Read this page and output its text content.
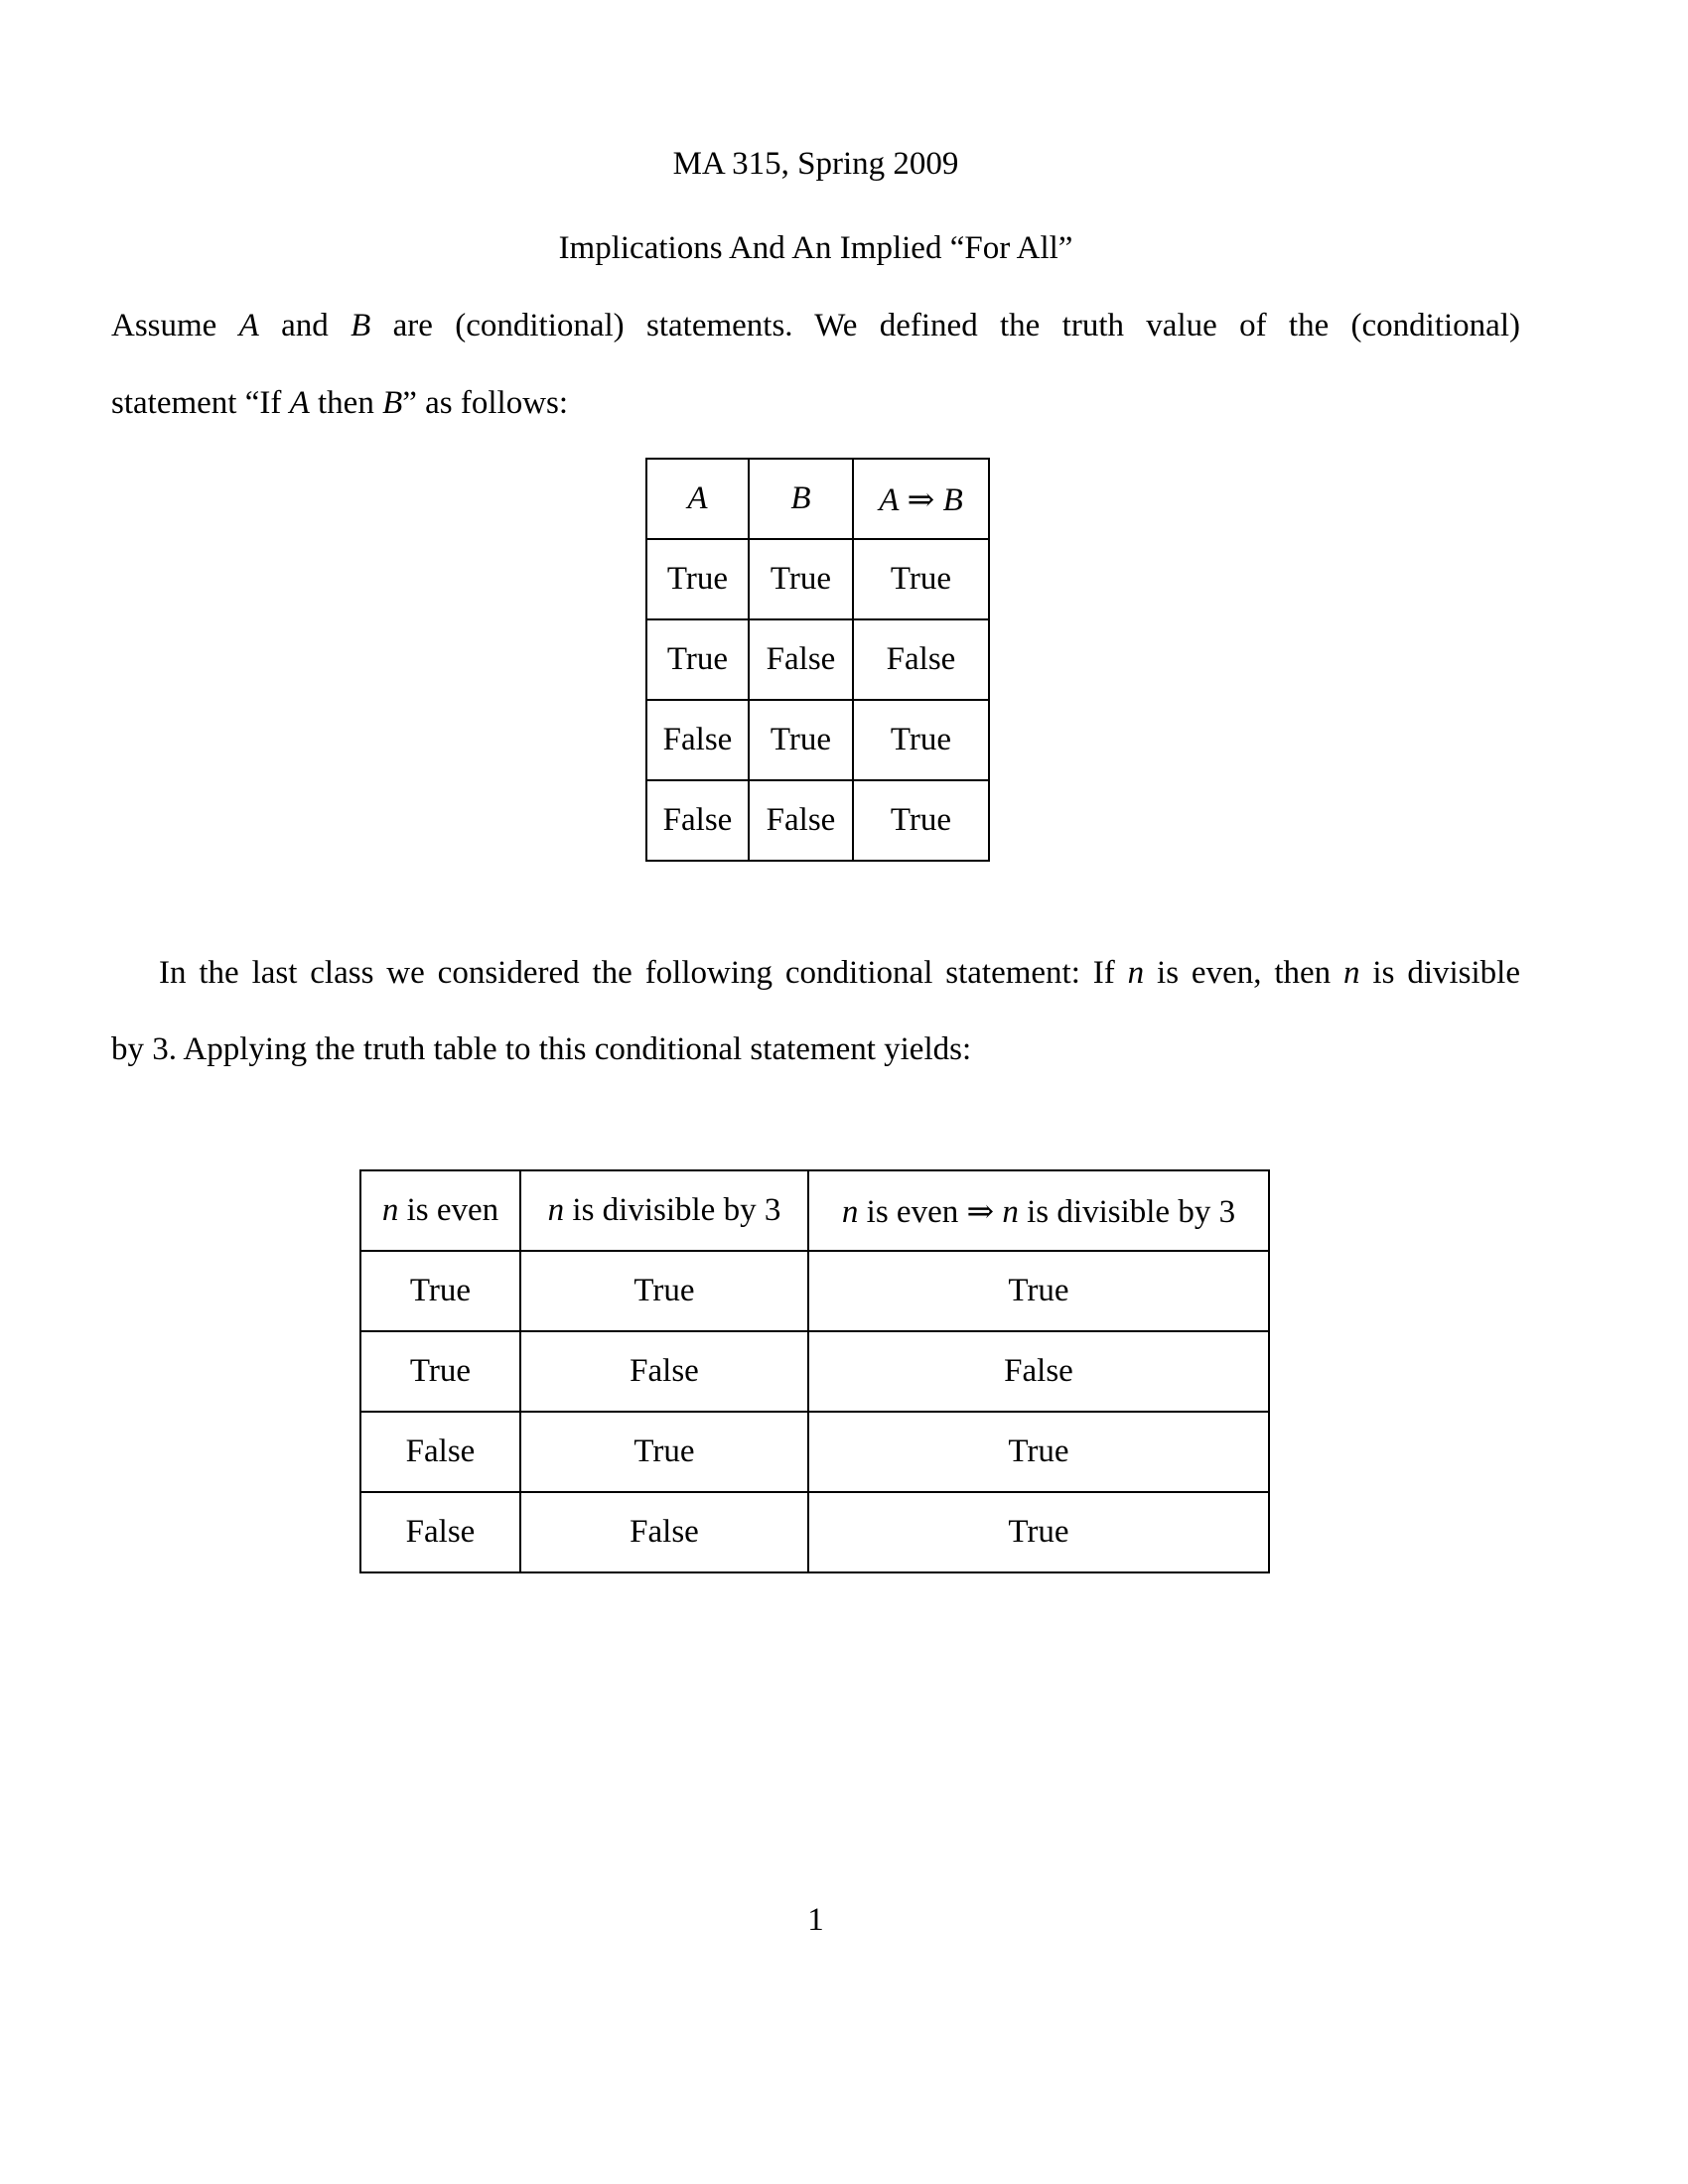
MA 315, Spring 2009
Implications And An Implied “For All”
Assume A and B are (conditional) statements. We defined the truth value of the (conditional)
statement “If A then B” as follows:
A	B	A ⇒ B
True	True	True
True	False	False
False	True	True
False	False	True
In the last class we considered the following conditional statement: If n is even, then n is divisible
by 3. Applying the truth table to this conditional statement yields:
n is even	n is divisible by 3	n is even ⇒ n is divisible by 3
True	True	True
True	False	False
False	True	True
False	False	True
1
